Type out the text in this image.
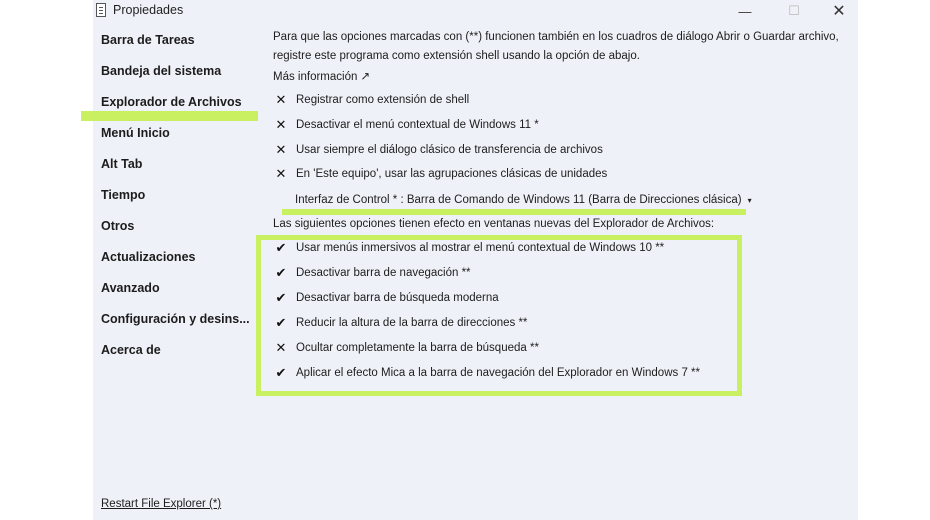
Propiedades	—	☐	✕
Barra de Tareas
Bandeja del sistema
Explorador de Archivos
Menú Inicio
Alt Tab
Tiempo
Otros
Actualizaciones
Avanzado
Configuración y desins...
Acerca de
Restart File Explorer (*)
Para que las opciones marcadas con (**) funcionen también en los cuadros de diálogo Abrir o Guardar archivo,
registre este programa como extensión shell usando la opción de abajo.
Más información ↗
✕ Registrar como extensión de shell
✕ Desactivar el menú contextual de Windows 11 *
✕ Usar siempre el diálogo clásico de transferencia de archivos
✕ En 'Este equipo', usar las agrupaciones clásicas de unidades
Interfaz de Control * : Barra de Comando de Windows 11 (Barra de Direcciones clásica) ▾
Las siguientes opciones tienen efecto en ventanas nuevas del Explorador de Archivos:
✔ Usar menús inmersivos al mostrar el menú contextual de Windows 10 **
✔ Desactivar barra de navegación **
✔ Desactivar barra de búsqueda moderna
✔ Reducir la altura de la barra de direcciones **
✕ Ocultar completamente la barra de búsqueda **
✔ Aplicar el efecto Mica a la barra de navegación del Explorador en Windows 7 **
